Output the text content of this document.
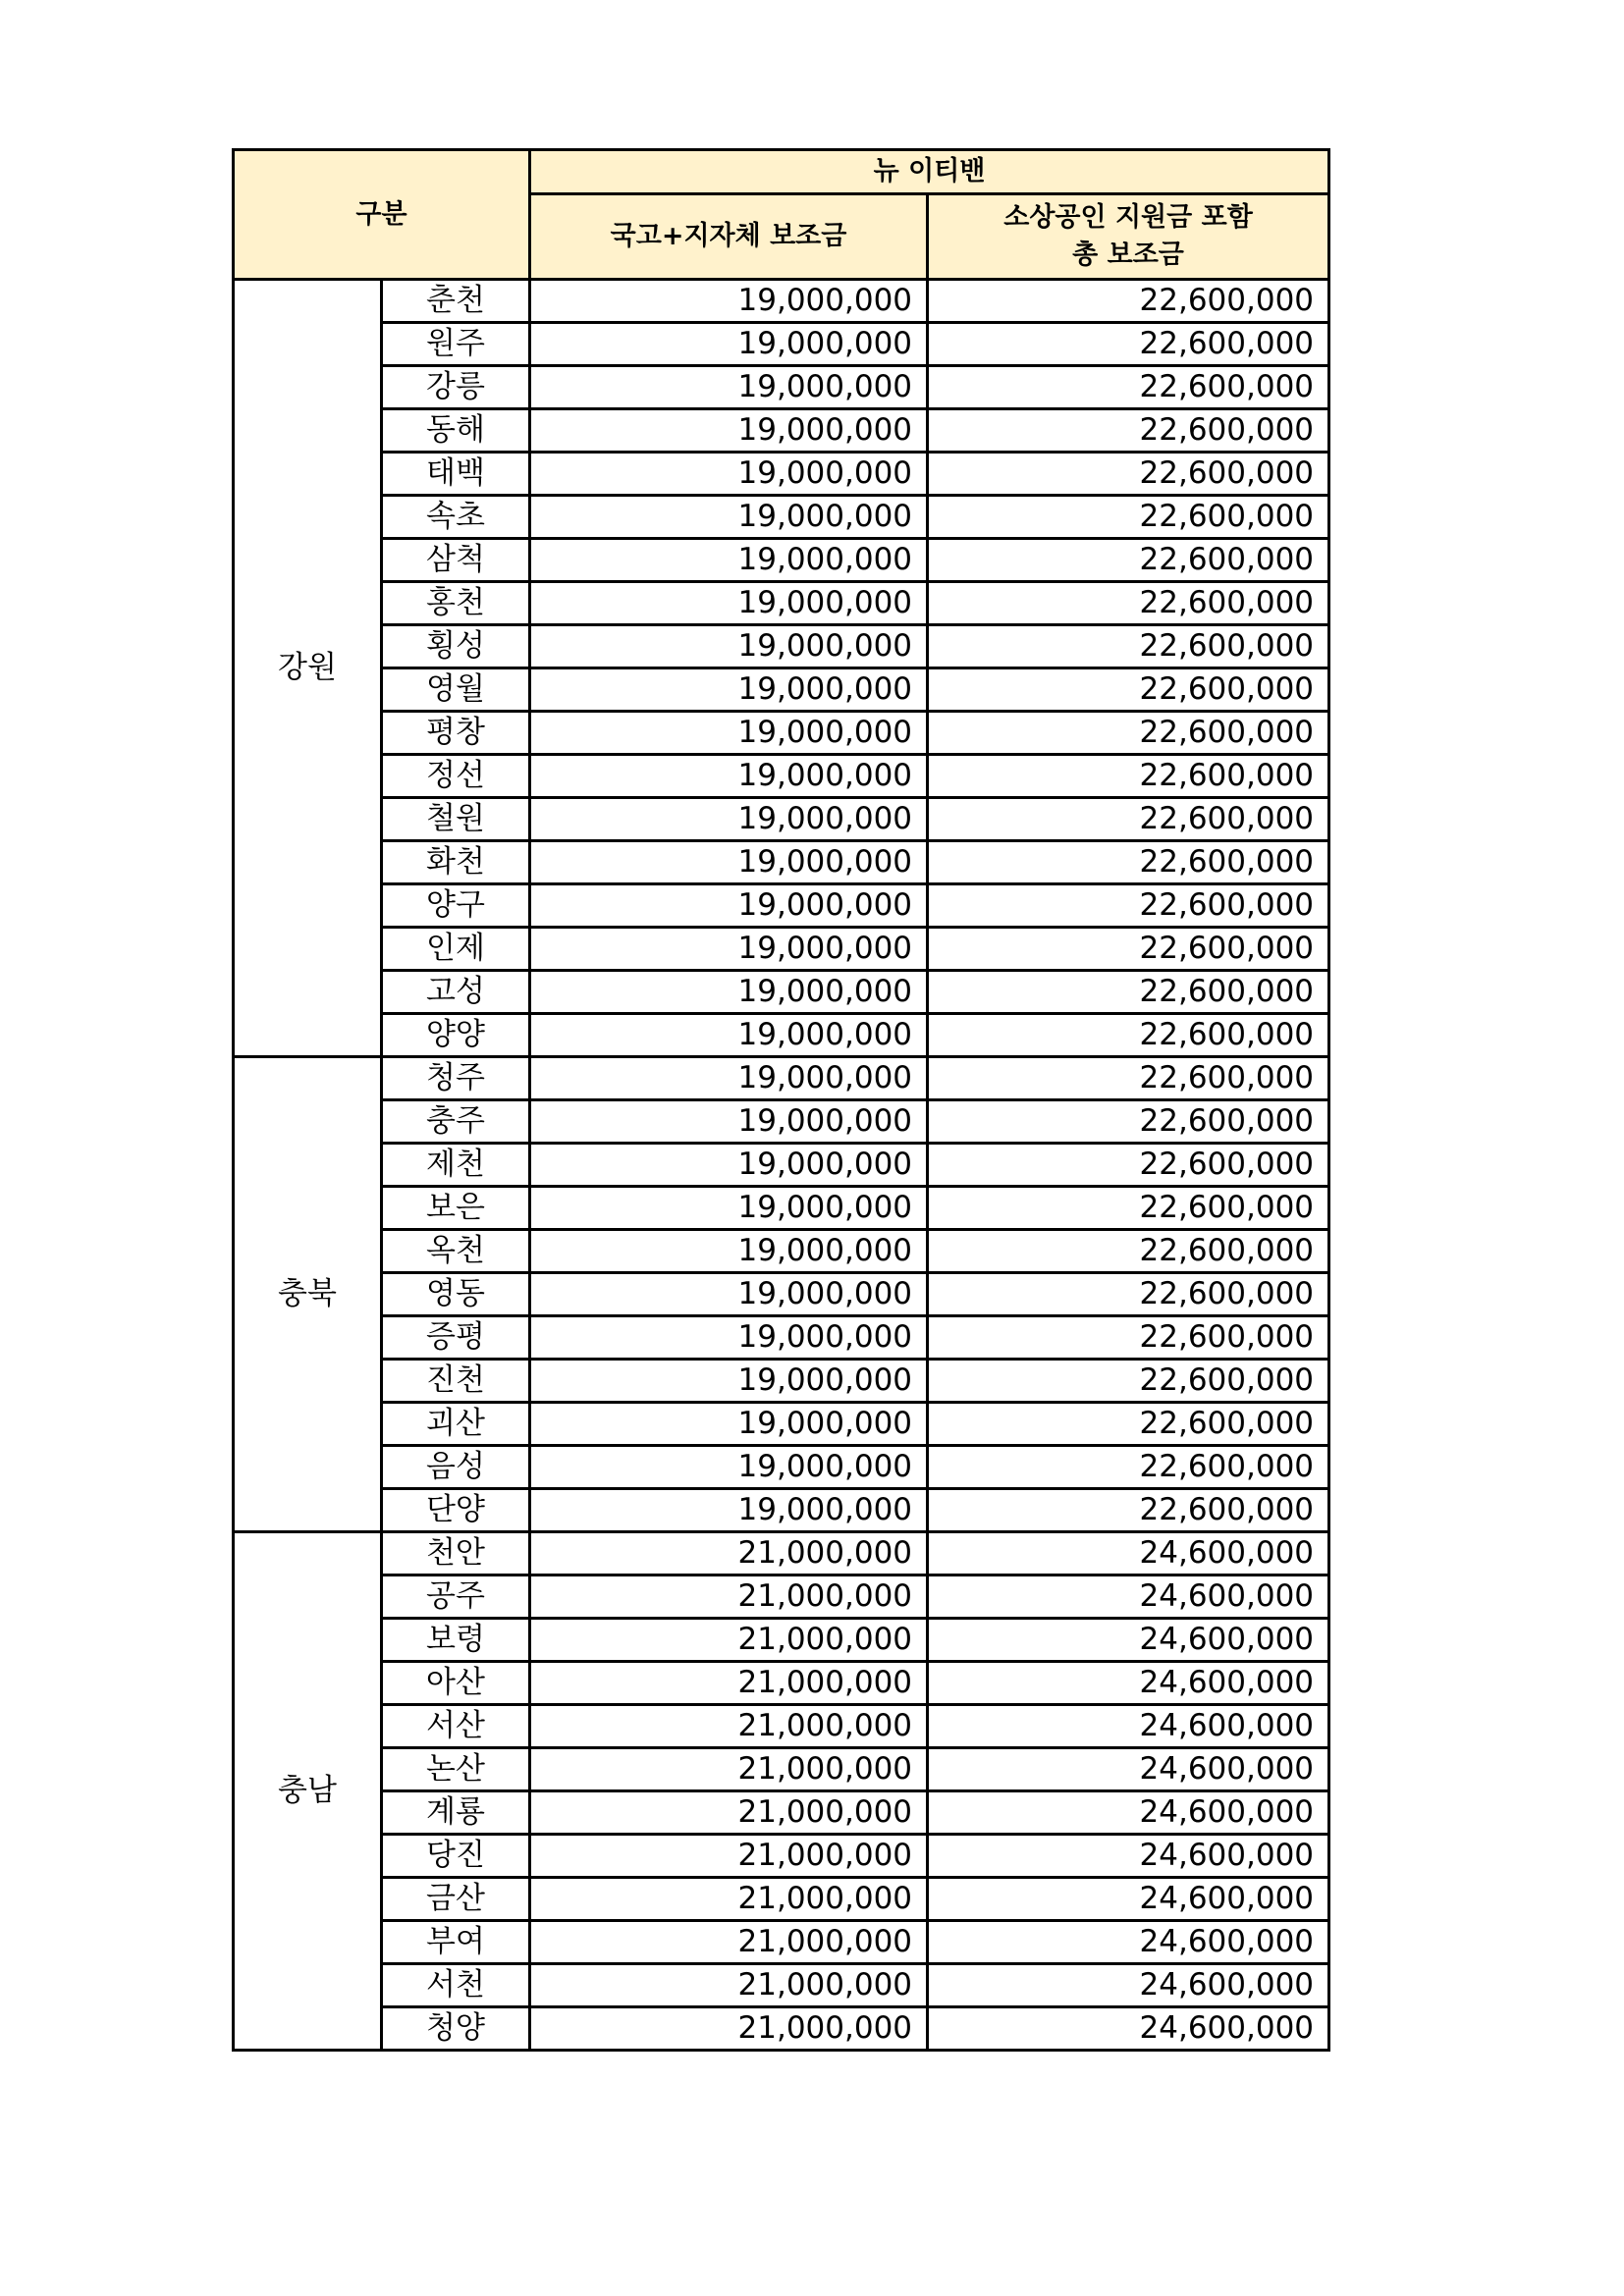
구분		뉴 이티밴	
		국고+지자체 보조금	소상공인 지원금 포함
총 보조금

강원	춘천	19,000,000	22,600,000
	원주	19,000,000	22,600,000
	강릉	19,000,000	22,600,000
	동해	19,000,000	22,600,000
	태백	19,000,000	22,600,000
	속초	19,000,000	22,600,000
	삼척	19,000,000	22,600,000
	홍천	19,000,000	22,600,000
	횡성	19,000,000	22,600,000
	영월	19,000,000	22,600,000
	평창	19,000,000	22,600,000
	정선	19,000,000	22,600,000
	철원	19,000,000	22,600,000
	화천	19,000,000	22,600,000
	양구	19,000,000	22,600,000
	인제	19,000,000	22,600,000
	고성	19,000,000	22,600,000
	양양	19,000,000	22,600,000
충북	청주	19,000,000	22,600,000
	충주	19,000,000	22,600,000
	제천	19,000,000	22,600,000
	보은	19,000,000	22,600,000
	옥천	19,000,000	22,600,000
	영동	19,000,000	22,600,000
	증평	19,000,000	22,600,000
	진천	19,000,000	22,600,000
	괴산	19,000,000	22,600,000
	음성	19,000,000	22,600,000
	단양	19,000,000	22,600,000
충남	천안	21,000,000	24,600,000
	공주	21,000,000	24,600,000
	보령	21,000,000	24,600,000
	아산	21,000,000	24,600,000
	서산	21,000,000	24,600,000
	논산	21,000,000	24,600,000
	계룡	21,000,000	24,600,000
	당진	21,000,000	24,600,000
	금산	21,000,000	24,600,000
	부여	21,000,000	24,600,000
	서천	21,000,000	24,600,000
	청양	21,000,000	24,600,000
